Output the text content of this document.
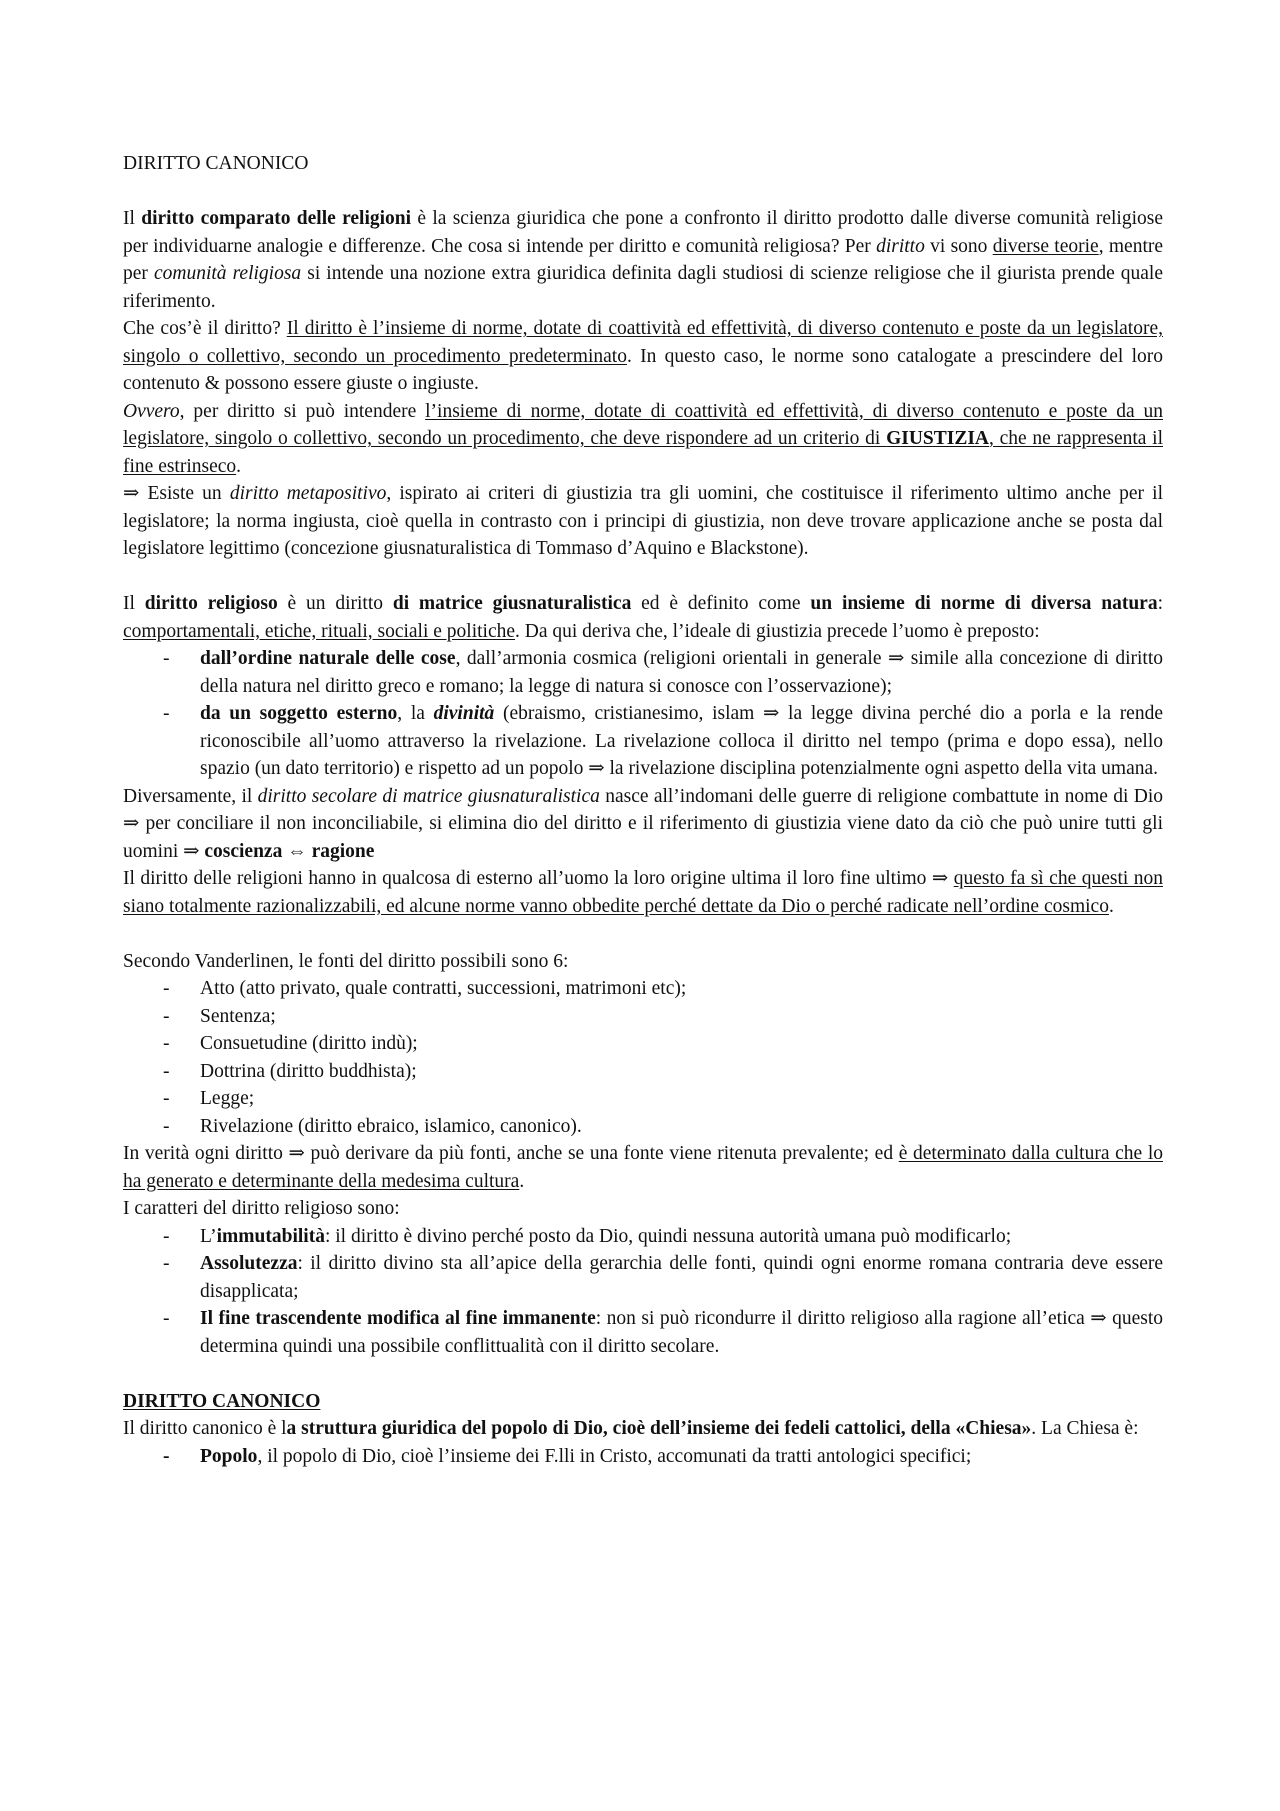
DIRITTO CANONICO

Il diritto comparato delle religioni è la scienza giuridica che pone a confronto il diritto prodotto dalle diverse comunità religiose per individuarne analogie e differenze. Che cosa si intende per diritto e comunità religiosa? Per diritto vi sono diverse teorie, mentre per comunità religiosa si intende una nozione extra giuridica definita dagli studiosi di scienze religiose che il giurista prende quale riferimento.

Che cos’è il diritto? Il diritto è l’insieme di norme, dotate di coattività ed effettività, di diverso contenuto e poste da un legislatore, singolo o collettivo, secondo un procedimento predeterminato. In questo caso, le norme sono catalogate a prescindere del loro contenuto & possono essere giuste o ingiuste.

Ovvero, per diritto si può intendere l’insieme di norme, dotate di coattività ed effettività, di diverso contenuto e poste da un legislatore, singolo o collettivo, secondo un procedimento, che deve rispondere ad un criterio di GIUSTIZIA, che ne rappresenta il fine estrinseco.

⇒ Esiste un diritto metapositivo, ispirato ai criteri di giustizia tra gli uomini, che costituisce il riferimento ultimo anche per il legislatore; la norma ingiusta, cioè quella in contrasto con i principi di giustizia, non deve trovare applicazione anche se posta dal legislatore legittimo (concezione giusnaturalistica di Tommaso d’Aquino e Blackstone).

Il diritto religioso è un diritto di matrice giusnaturalistica ed è definito come un insieme di norme di diversa natura: comportamentali, etiche, rituali, sociali e politiche. Da qui deriva che, l’ideale di giustizia precede l’uomo è preposto:

- dall’ordine naturale delle cose, dall’armonia cosmica (religioni orientali in generale ⇒ simile alla concezione di diritto della natura nel diritto greco e romano; la legge di natura si conosce con l’osservazione);
- da un soggetto esterno, la divinità (ebraismo, cristianesimo, islam ⇒ la legge divina perché dio a porla e la rende riconoscibile all’uomo attraverso la rivelazione. La rivelazione colloca il diritto nel tempo (prima e dopo essa), nello spazio (un dato territorio) e rispetto ad un popolo ⇒ la rivelazione disciplina potenzialmente ogni aspetto della vita umana.

Diversamente, il diritto secolare di matrice giusnaturalistica nasce all’indomani delle guerre di religione combattute in nome di Dio ⇒ per conciliare il non inconciliabile, si elimina dio del diritto e il riferimento di giustizia viene dato da ciò che può unire tutti gli uomini ⇒ coscienza ⇔ ragione

Il diritto delle religioni hanno in qualcosa di esterno all’uomo la loro origine ultima il loro fine ultimo ⇒ questo fa sì che questi non siano totalmente razionalizzabili, ed alcune norme vanno obbedite perché dettate da Dio o perché radicate nell’ordine cosmico.

Secondo Vanderlinen, le fonti del diritto possibili sono 6:

- Atto (atto privato, quale contratti, successioni, matrimoni etc);
- Sentenza;
- Consuetudine (diritto indù);
- Dottrina (diritto buddhista);
- Legge;
- Rivelazione (diritto ebraico, islamico, canonico).

In verità ogni diritto ⇒ può derivare da più fonti, anche se una fonte viene ritenuta prevalente; ed è determinato dalla cultura che lo ha generato e determinante della medesima cultura.

I caratteri del diritto religioso sono:

- L’immutabilità: il diritto è divino perché posto da Dio, quindi nessuna autorità umana può modificarlo;
- Assolutezza: il diritto divino sta all’apice della gerarchia delle fonti, quindi ogni enorme romana contraria deve essere disapplicata;
- Il fine trascendente modifica al fine immanente: non si può ricondurre il diritto religioso alla ragione all’etica ⇒ questo determina quindi una possibile conflittualità con il diritto secolare.

DIRITTO CANONICO

Il diritto canonico è la struttura giuridica del popolo di Dio, cioè dell’insieme dei fedeli cattolici, della «Chiesa». La Chiesa è:

- Popolo, il popolo di Dio, cioè l’insieme dei F.lli in Cristo, accomunati da tratti antologici specifici;
